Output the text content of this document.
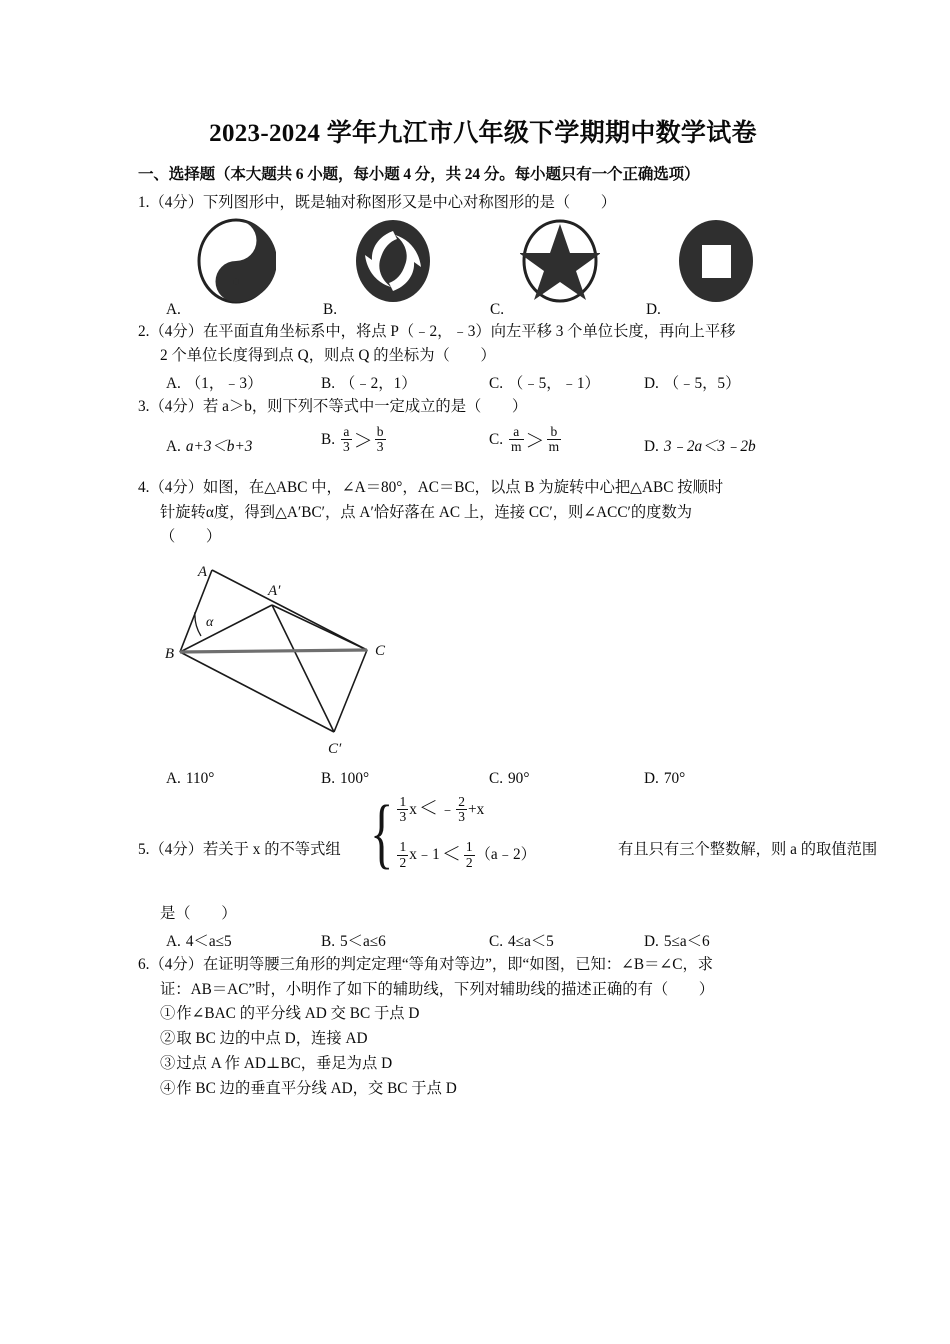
2023-2024 学年九江市八年级下学期期中数学试卷
一、选择题（本大题共 6 小题，每小题 4 分，共 24 分。每小题只有一个正确选项）
1.（4分）下列图形中，既是轴对称图形又是中心对称图形的是（　　）
A.	B.	C.	D.
2.（4分）在平面直角坐标系中，将点 P（﹣2，﹣3）向左平移 3 个单位长度，再向上平移
2 个单位长度得到点 Q，则点 Q 的坐标为（　　）
A. （1，﹣3）	B. （﹣2，1）	C. （﹣5，﹣1）	D. （﹣5，5）
3.（4分）若 a＞b，则下列不等式中一定成立的是（　　）
A. a+3＜b+3	B. $\frac{a}{3} > \frac{b}{3}$	C. $\frac{a}{m} > \frac{b}{m}$	D. 3﹣2a＜3﹣2b
4.（4分）如图，在△ABC 中，∠A＝80°，AC＝BC，以点 B 为旋转中心把△ABC 按顺时
针旋转α度，得到△A′BC′，点 A′恰好落在 AC 上，连接 CC′，则∠ACC′的度数为
（　　）
A
A′
B	C
C′
α
A. 110°	B. 100°	C. 90°	D. 70°
5.（4分）若关于 x 的不等式组 { $\frac{1}{3}$ x ＜ ﹣ $\frac{2}{3} +x$
$\frac{1}{2}$ x﹣1 ＜ $\frac{1}{2}$ （a﹣2）	有且只有三个整数解，则 a 的取值范围
是（　　）
A. 4＜a≤5	B. 5＜a≤6	C. 4≤a＜5	D. 5≤a＜6
6.（4分）在证明等腰三角形的判定定理“等角对等边”，即“如图，已知：∠B＝∠C，求
证：AB＝AC”时，小明作了如下的辅助线，下列对辅助线的描述正确的有（　　）
①作∠BAC 的平分线 AD 交 BC 于点 D
②取 BC 边的中点 D，连接 AD
③过点 A 作 AD⊥BC，垂足为点 D
④作 BC 边的垂直平分线 AD，交 BC 于点 D
